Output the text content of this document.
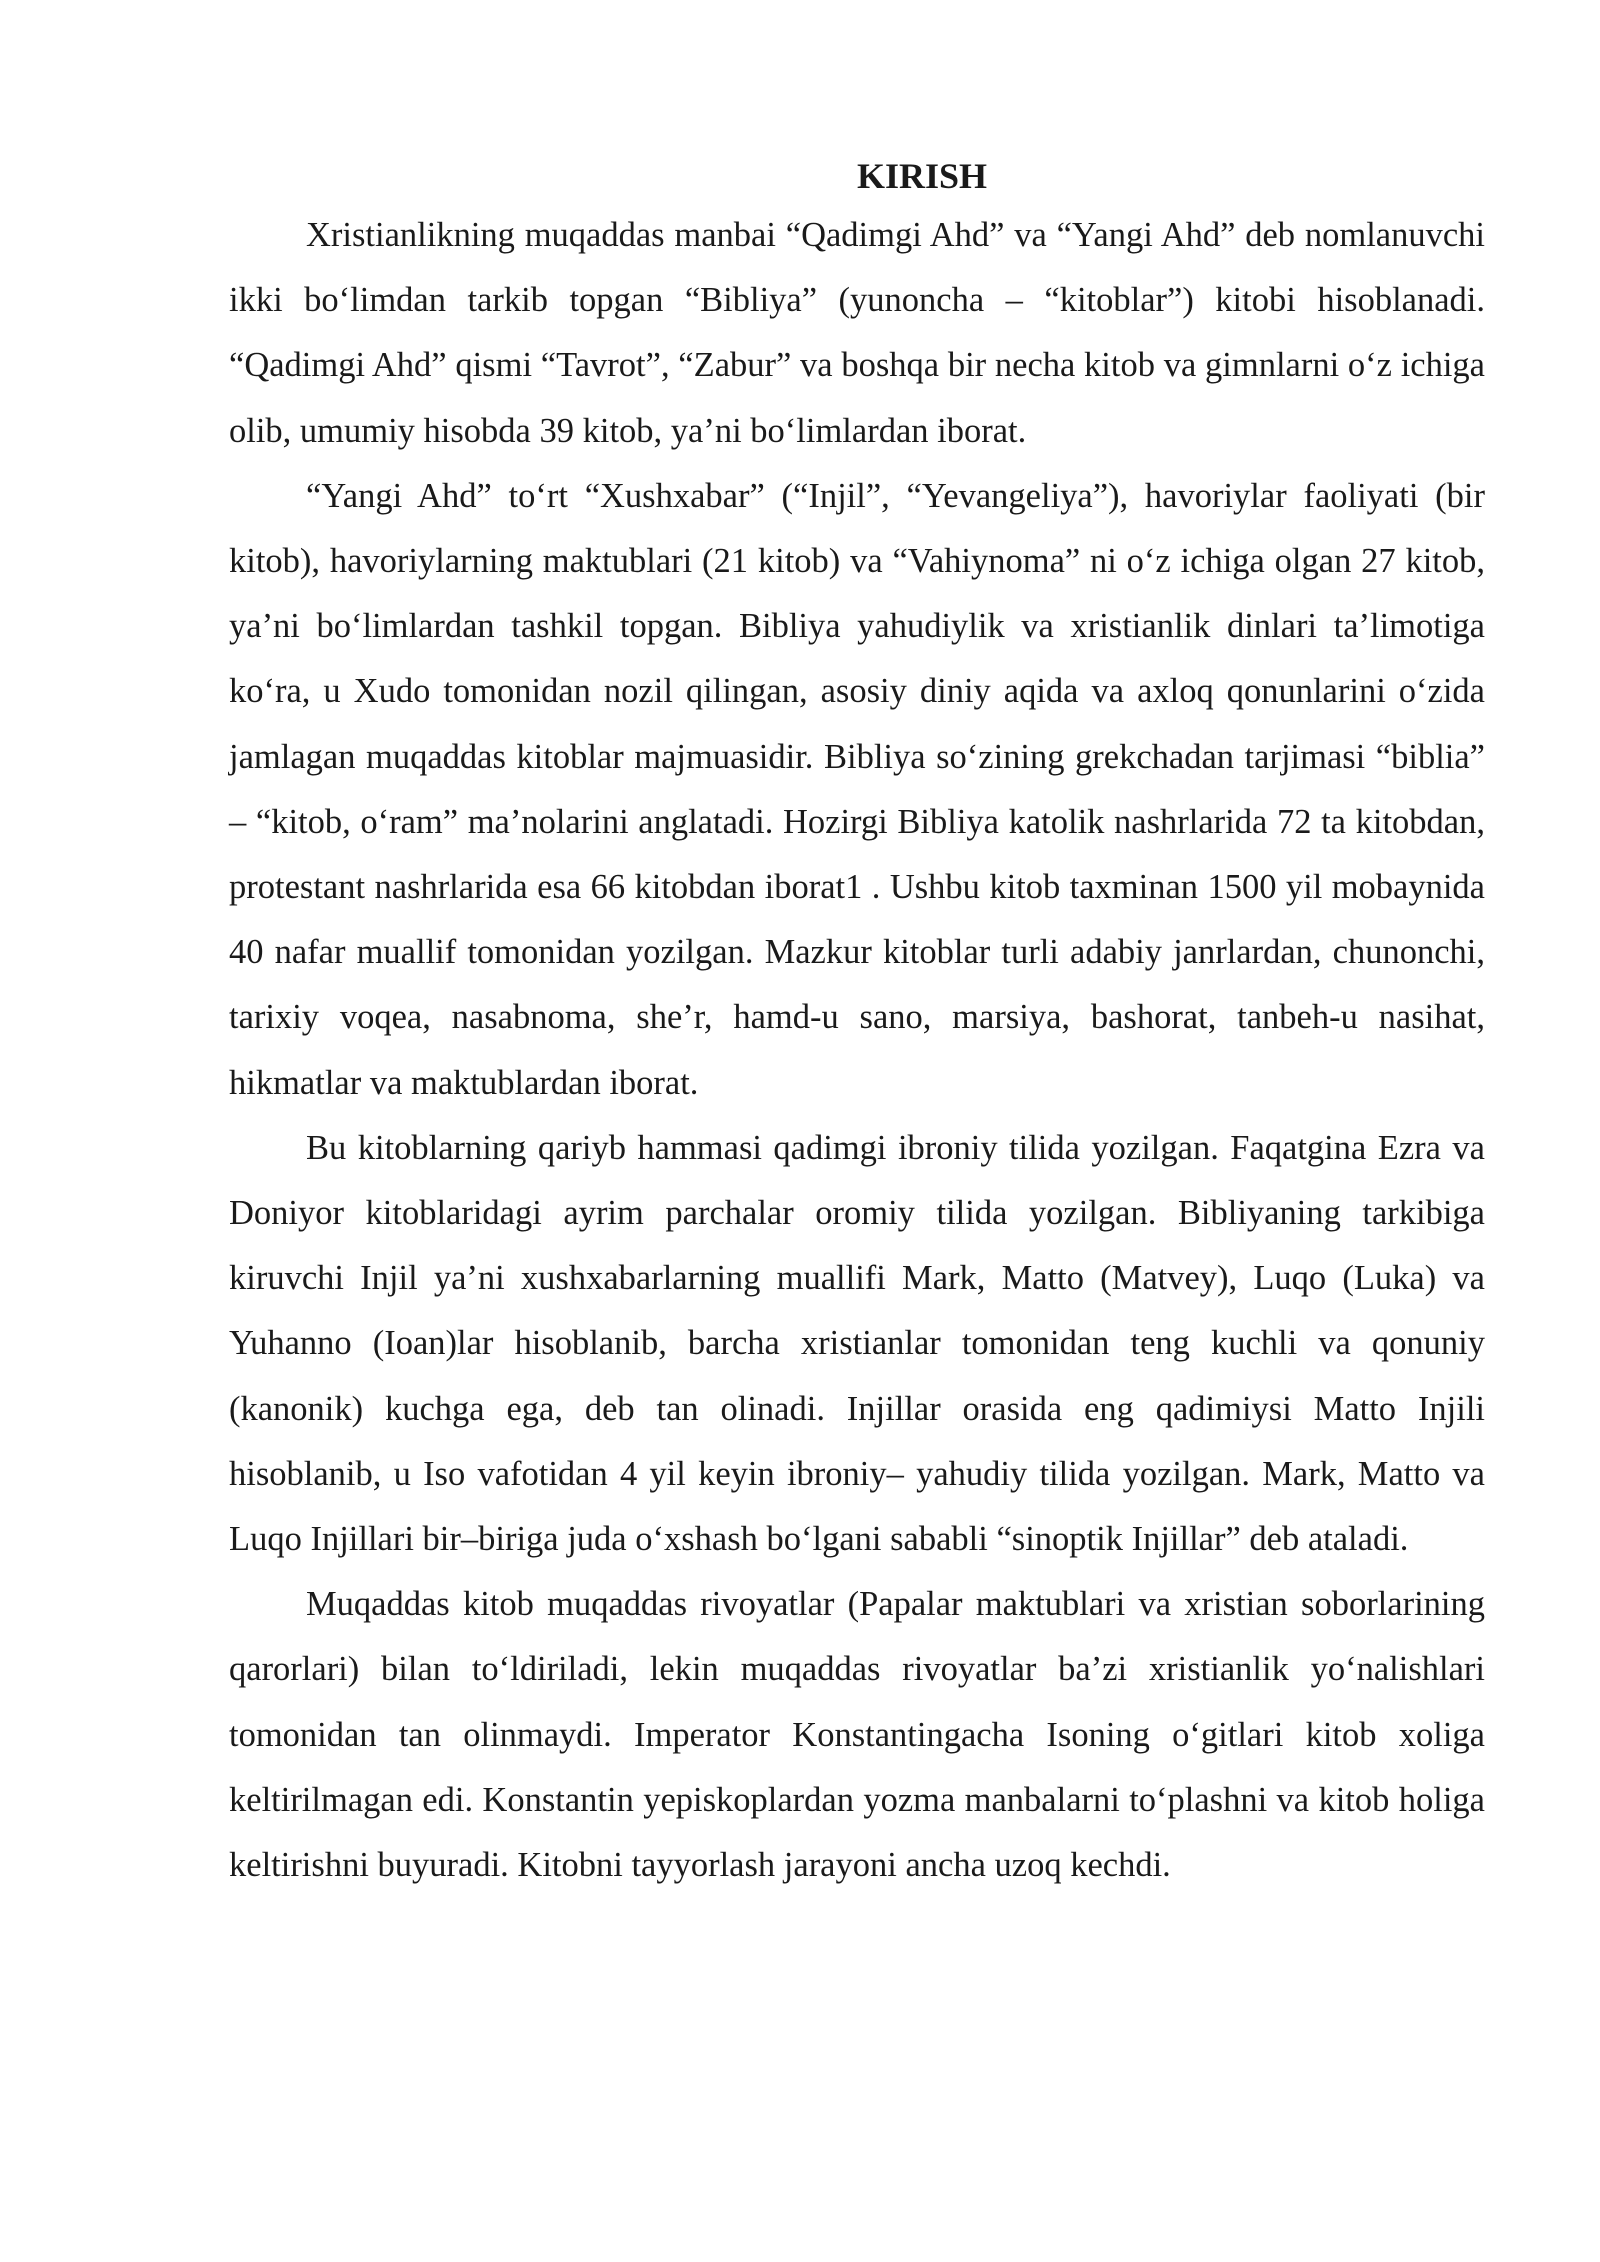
KIRISH

Xristianlikning muqaddas manbai “Qadimgi Ahd” va “Yangi Ahd” deb nomlanuvchi ikki bo‘limdan tarkib topgan “Bibliya” (yunoncha – “kitoblar”) kitobi hisoblanadi. “Qadimgi Ahd” qismi “Tavrot”, “Zabur” va boshqa bir necha kitob va gimnlarni o‘z ichiga olib, umumiy hisobda 39 kitob, ya’ni bo‘limlardan iborat.

“Yangi Ahd” to‘rt “Xushxabar” (“Injil”, “Yevangeliya”), havoriylar faoliyati (bir kitob), havoriylarning maktublari (21 kitob) va “Vahiynoma” ni o‘z ichiga olgan 27 kitob, ya’ni bo‘limlardan tashkil topgan. Bibliya yahudiylik va xristianlik dinlari ta’limotiga ko‘ra, u Xudo tomonidan nozil qilingan, asosiy diniy aqida va axloq qonunlarini o‘zida jamlagan muqaddas kitoblar majmuasidir. Bibliya so‘zining grekchadan tarjimasi “biblia” – “kitob, o‘ram” ma’nolarini anglatadi. Hozirgi Bibliya katolik nashrlarida 72 ta kitobdan, protestant nashrlarida esa 66 kitobdan iborat1 . Ushbu kitob taxminan 1500 yil mobaynida 40 nafar muallif tomonidan yozilgan. Mazkur kitoblar turli adabiy janrlardan, chunonchi, tarixiy voqea, nasabnoma, she’r, hamd-u sano, marsiya, bashorat, tanbeh-u nasihat, hikmatlar va maktublardan iborat.

Bu kitoblarning qariyb hammasi qadimgi ibroniy tilida yozilgan. Faqatgina Ezra va Doniyor kitoblaridagi ayrim parchalar oromiy tilida yozilgan. Bibliyaning tarkibiga kiruvchi Injil ya’ni xushxabarlarning muallifi Mark, Matto (Matvey), Luqo (Luka) va Yuhanno (Ioan)lar hisoblanib, barcha xristianlar tomonidan teng kuchli va qonuniy (kanonik) kuchga ega, deb tan olinadi. Injillar orasida eng qadimiysi Matto Injili hisoblanib, u Iso vafotidan 4 yil keyin ibroniy– yahudiy tilida yozilgan. Mark, Matto va Luqo Injillari bir–biriga juda o‘xshash bo‘lgani sababli “sinoptik Injillar” deb ataladi.

Muqaddas kitob muqaddas rivoyatlar (Papalar maktublari va xristian soborlarining qarorlari) bilan to‘ldiriladi, lekin muqaddas rivoyatlar ba’zi xristianlik yo‘nalishlari tomonidan tan olinmaydi. Imperator Konstantingacha Isoning o‘gitlari kitob xoliga keltirilmagan edi. Konstantin yepiskoplardan yozma manbalarni to‘plashni va kitob holiga keltirishni buyuradi. Kitobni tayyorlash jarayoni ancha uzoq kechdi.
